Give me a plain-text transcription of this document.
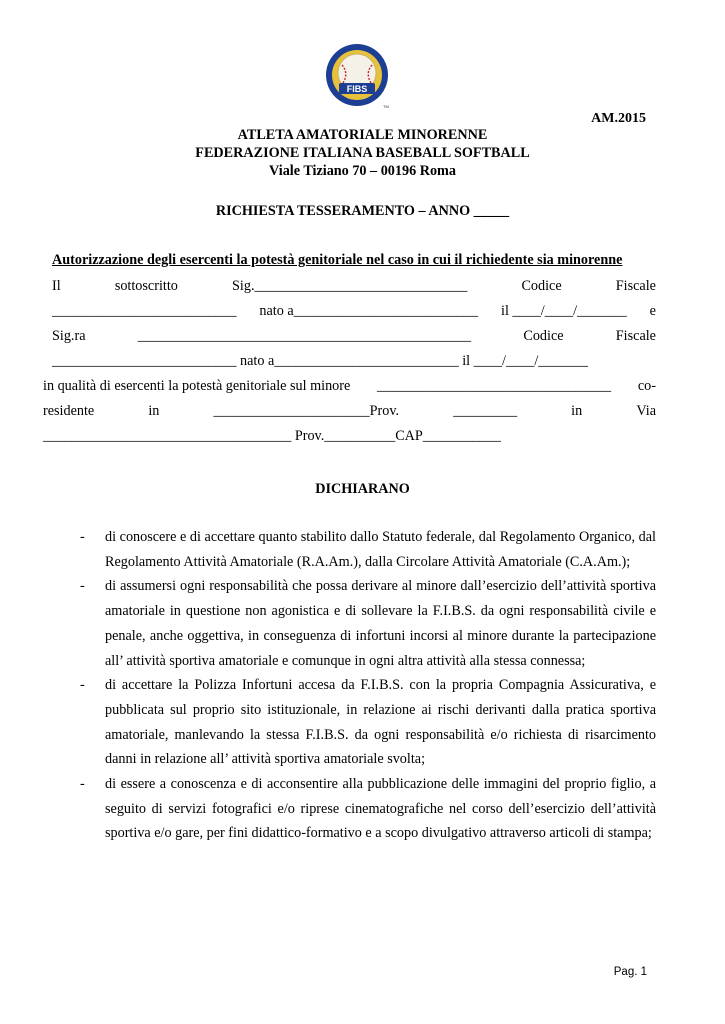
FIBS
TM
AM.2015
ATLETA AMATORIALE MINORENNE
FEDERAZIONE ITALIANA BASEBALL SOFTBALL
Viale Tiziano 70 – 00196 Roma
RICHIESTA TESSERAMENTO – ANNO _____
Autorizzazione degli esercenti la potestà genitoriale nel caso in cui il richiedente sia minorenne
Il	sottoscritto	Sig.______________________________	Codice	Fiscale
__________________________ nato a__________________________ il ____/____/_______ e
Sig.ra	_______________________________________________	Codice	Fiscale
__________________________ nato a__________________________ il ____/____/_______
in qualità di esercenti la potestà genitoriale sul minore _________________________________ co-
residente	in	______________________Prov.	_________	in	Via
___________________________________ Prov.__________CAP___________
DICHIARANO
- di conoscere e di accettare quanto stabilito dallo Statuto federale, dal Regolamento Organico, dal Regolamento Attività Amatoriale (R.A.Am.), dalla Circolare Attività Amatoriale (C.A.Am.);
- di assumersi ogni responsabilità che possa derivare al minore dall’esercizio dell’attività sportiva amatoriale in questione non agonistica e di sollevare la F.I.B.S. da ogni responsabilità civile e penale, anche oggettiva, in conseguenza di infortuni incorsi al minore durante la partecipazione all’ attività sportiva amatoriale e comunque in ogni altra attività alla stessa connessa;
- di accettare la Polizza Infortuni accesa da F.I.B.S. con la propria Compagnia Assicurativa, e pubblicata sul proprio sito istituzionale, in relazione ai rischi derivanti dalla pratica sportiva amatoriale, manlevando la stessa F.I.B.S. da ogni responsabilità e/o richiesta di risarcimento danni in relazione all’ attività sportiva amatoriale svolta;
- di essere a conoscenza e di acconsentire alla pubblicazione delle immagini del proprio figlio, a seguito di servizi fotografici e/o riprese cinematografiche nel corso dell’esercizio dell’attività sportiva e/o gare, per fini didattico-formativo e a scopo divulgativo attraverso articoli di stampa;
Pag. 1
